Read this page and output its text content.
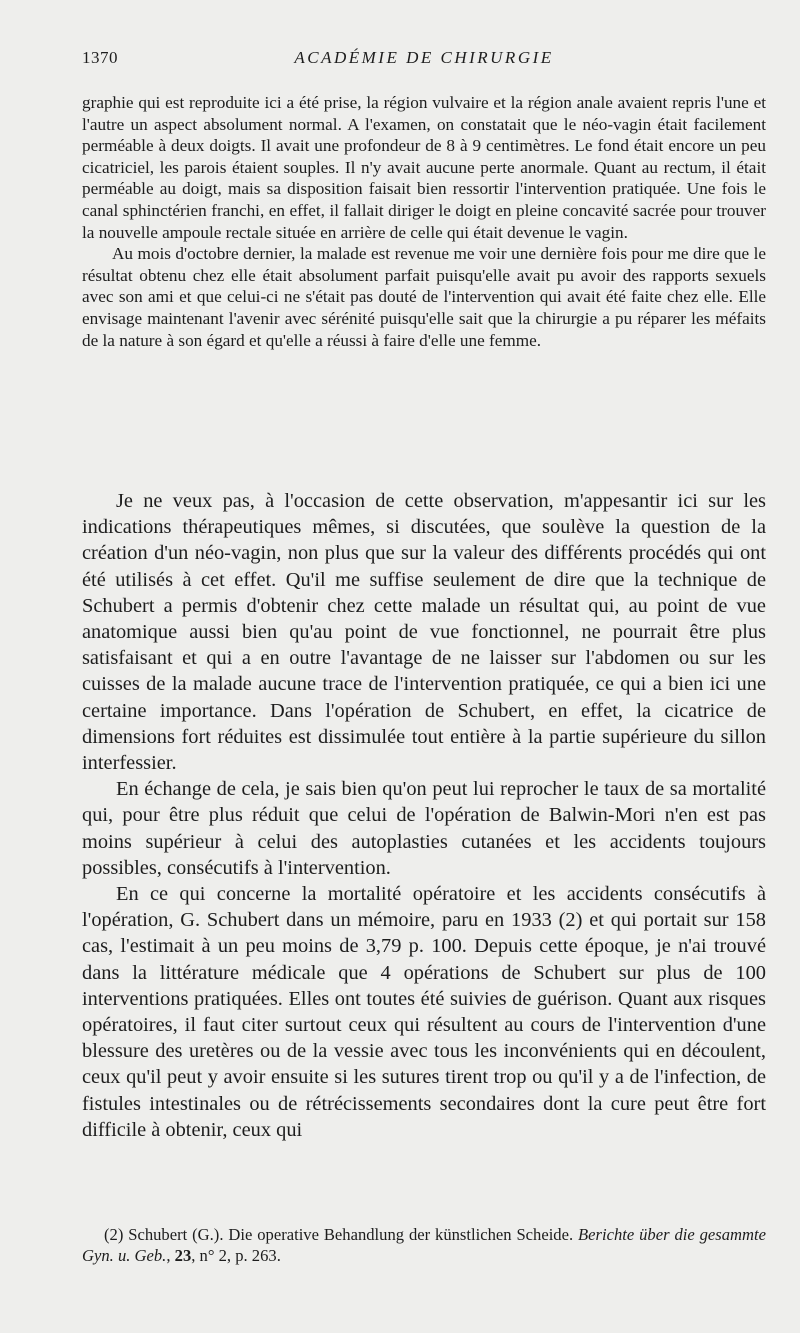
1370	ACADÉMIE DE CHIRURGIE

graphie qui est reproduite ici a été prise, la région vulvaire et la région anale avaient repris l'une et l'autre un aspect absolument normal. A l'examen, on constatait que le néo-vagin était facilement perméable à deux doigts. Il avait une profondeur de 8 à 9 centimètres. Le fond était encore un peu cicatriciel, les parois étaient souples. Il n'y avait aucune perte anormale. Quant au rectum, il était perméable au doigt, mais sa disposition faisait bien ressortir l'intervention pratiquée. Une fois le canal sphinctérien franchi, en effet, il fallait diriger le doigt en pleine concavité sacrée pour trouver la nouvelle ampoule rectale située en arrière de celle qui était devenue le vagin.

Au mois d'octobre dernier, la malade est revenue me voir une dernière fois pour me dire que le résultat obtenu chez elle était absolument parfait puisqu'elle avait pu avoir des rapports sexuels avec son ami et que celui-ci ne s'était pas douté de l'intervention qui avait été faite chez elle. Elle envisage maintenant l'avenir avec sérénité puisqu'elle sait que la chirurgie a pu réparer les méfaits de la nature à son égard et qu'elle a réussi à faire d'elle une femme.

Je ne veux pas, à l'occasion de cette observation, m'appesantir ici sur les indications thérapeutiques mêmes, si discutées, que soulève la question de la création d'un néo-vagin, non plus que sur la valeur des différents procédés qui ont été utilisés à cet effet. Qu'il me suffise seulement de dire que la technique de Schubert a permis d'obtenir chez cette malade un résultat qui, au point de vue anatomique aussi bien qu'au point de vue fonctionnel, ne pourrait être plus satisfaisant et qui a en outre l'avantage de ne laisser sur l'abdomen ou sur les cuisses de la malade aucune trace de l'intervention pratiquée, ce qui a bien ici une certaine importance. Dans l'opération de Schubert, en effet, la cicatrice de dimensions fort réduites est dissimulée tout entière à la partie supérieure du sillon interfessier.

En échange de cela, je sais bien qu'on peut lui reprocher le taux de sa mortalité qui, pour être plus réduit que celui de l'opération de Balwin-Mori n'en est pas moins supérieur à celui des autoplasties cutanées et les accidents toujours possibles, consécutifs à l'intervention.

En ce qui concerne la mortalité opératoire et les accidents consécutifs à l'opération, G. Schubert dans un mémoire, paru en 1933 (2) et qui portait sur 158 cas, l'estimait à un peu moins de 3,79 p. 100. Depuis cette époque, je n'ai trouvé dans la littérature médicale que 4 opérations de Schubert sur plus de 100 interventions pratiquées. Elles ont toutes été suivies de guérison. Quant aux risques opératoires, il faut citer surtout ceux qui résultent au cours de l'intervention d'une blessure des uretères ou de la vessie avec tous les inconvénients qui en découlent, ceux qu'il peut y avoir ensuite si les sutures tirent trop ou qu'il y a de l'infection, de fistules intestinales ou de rétrécissements secondaires dont la cure peut être fort difficile à obtenir, ceux qui

(2) Schubert (G.). Die operative Behandlung der künstlichen Scheide. Berichte über die gesammte Gyn. u. Geb., 23, n° 2, p. 263.
